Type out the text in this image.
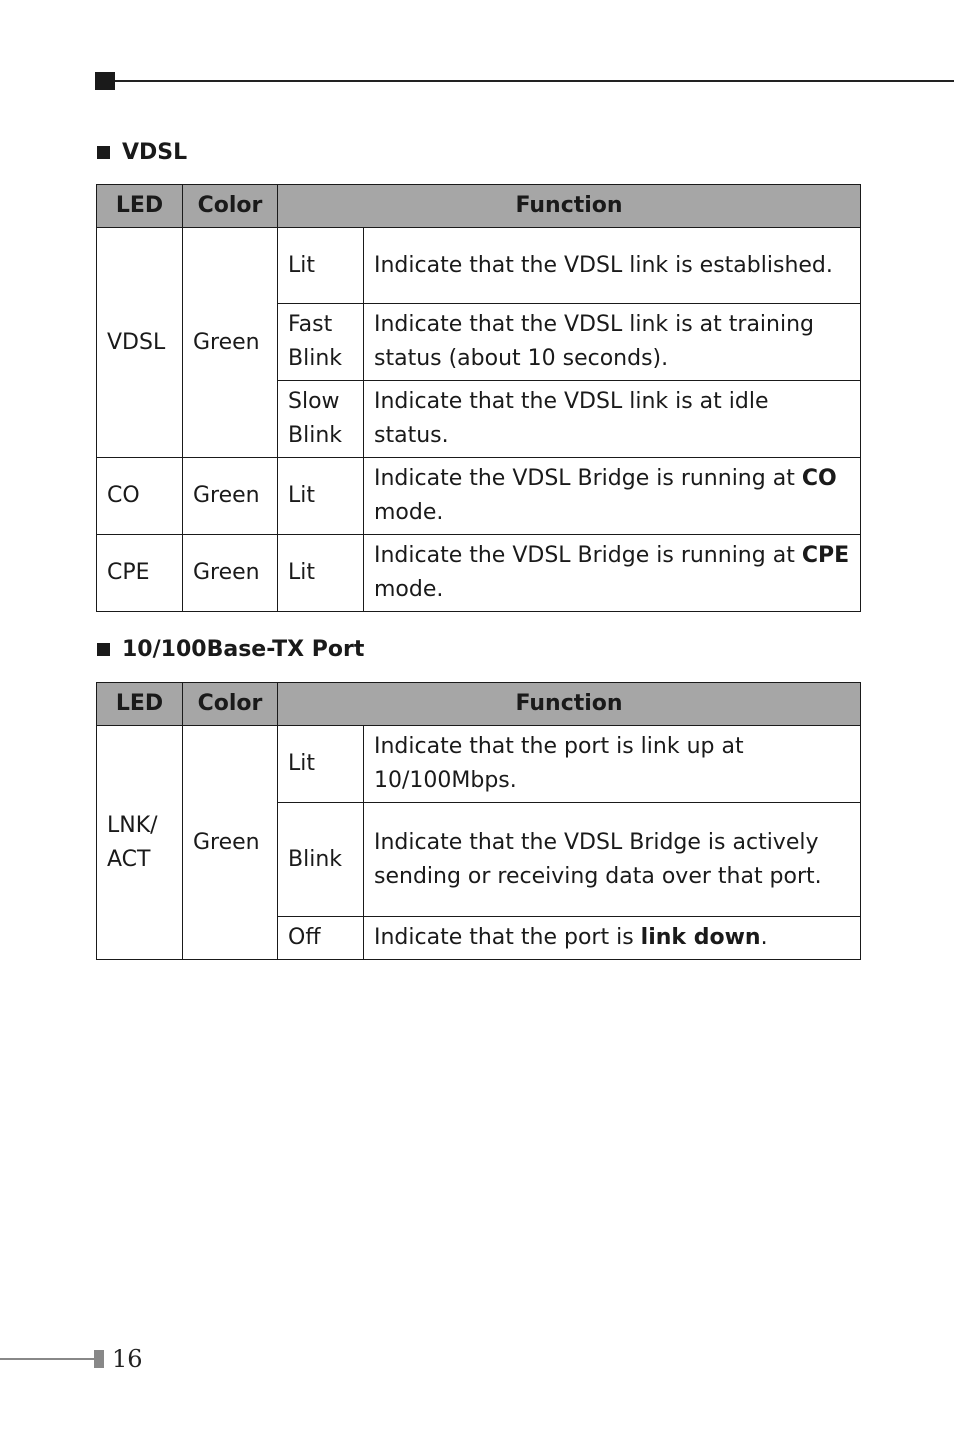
VDSL
LED	Color	Function	
VDSL	Green	Lit	Indicate that the VDSL link is established.
		Fast Blink	Indicate that the VDSL link is at training status (about 10 seconds).
		Slow Blink	Indicate that the VDSL link is at idle status.
CO	Green	Lit	Indicate the VDSL Bridge is running at CO mode.
CPE	Green	Lit	Indicate the VDSL Bridge is running at CPE mode.
10/100Base-TX Port
LED	Color	Function	
LNK/ ACT	Green	Lit	Indicate that the port is link up at 10/100Mbps.
		Blink	Indicate that the VDSL Bridge is actively sending or receiving data over that port.
		Off	Indicate that the port is link down.
16
